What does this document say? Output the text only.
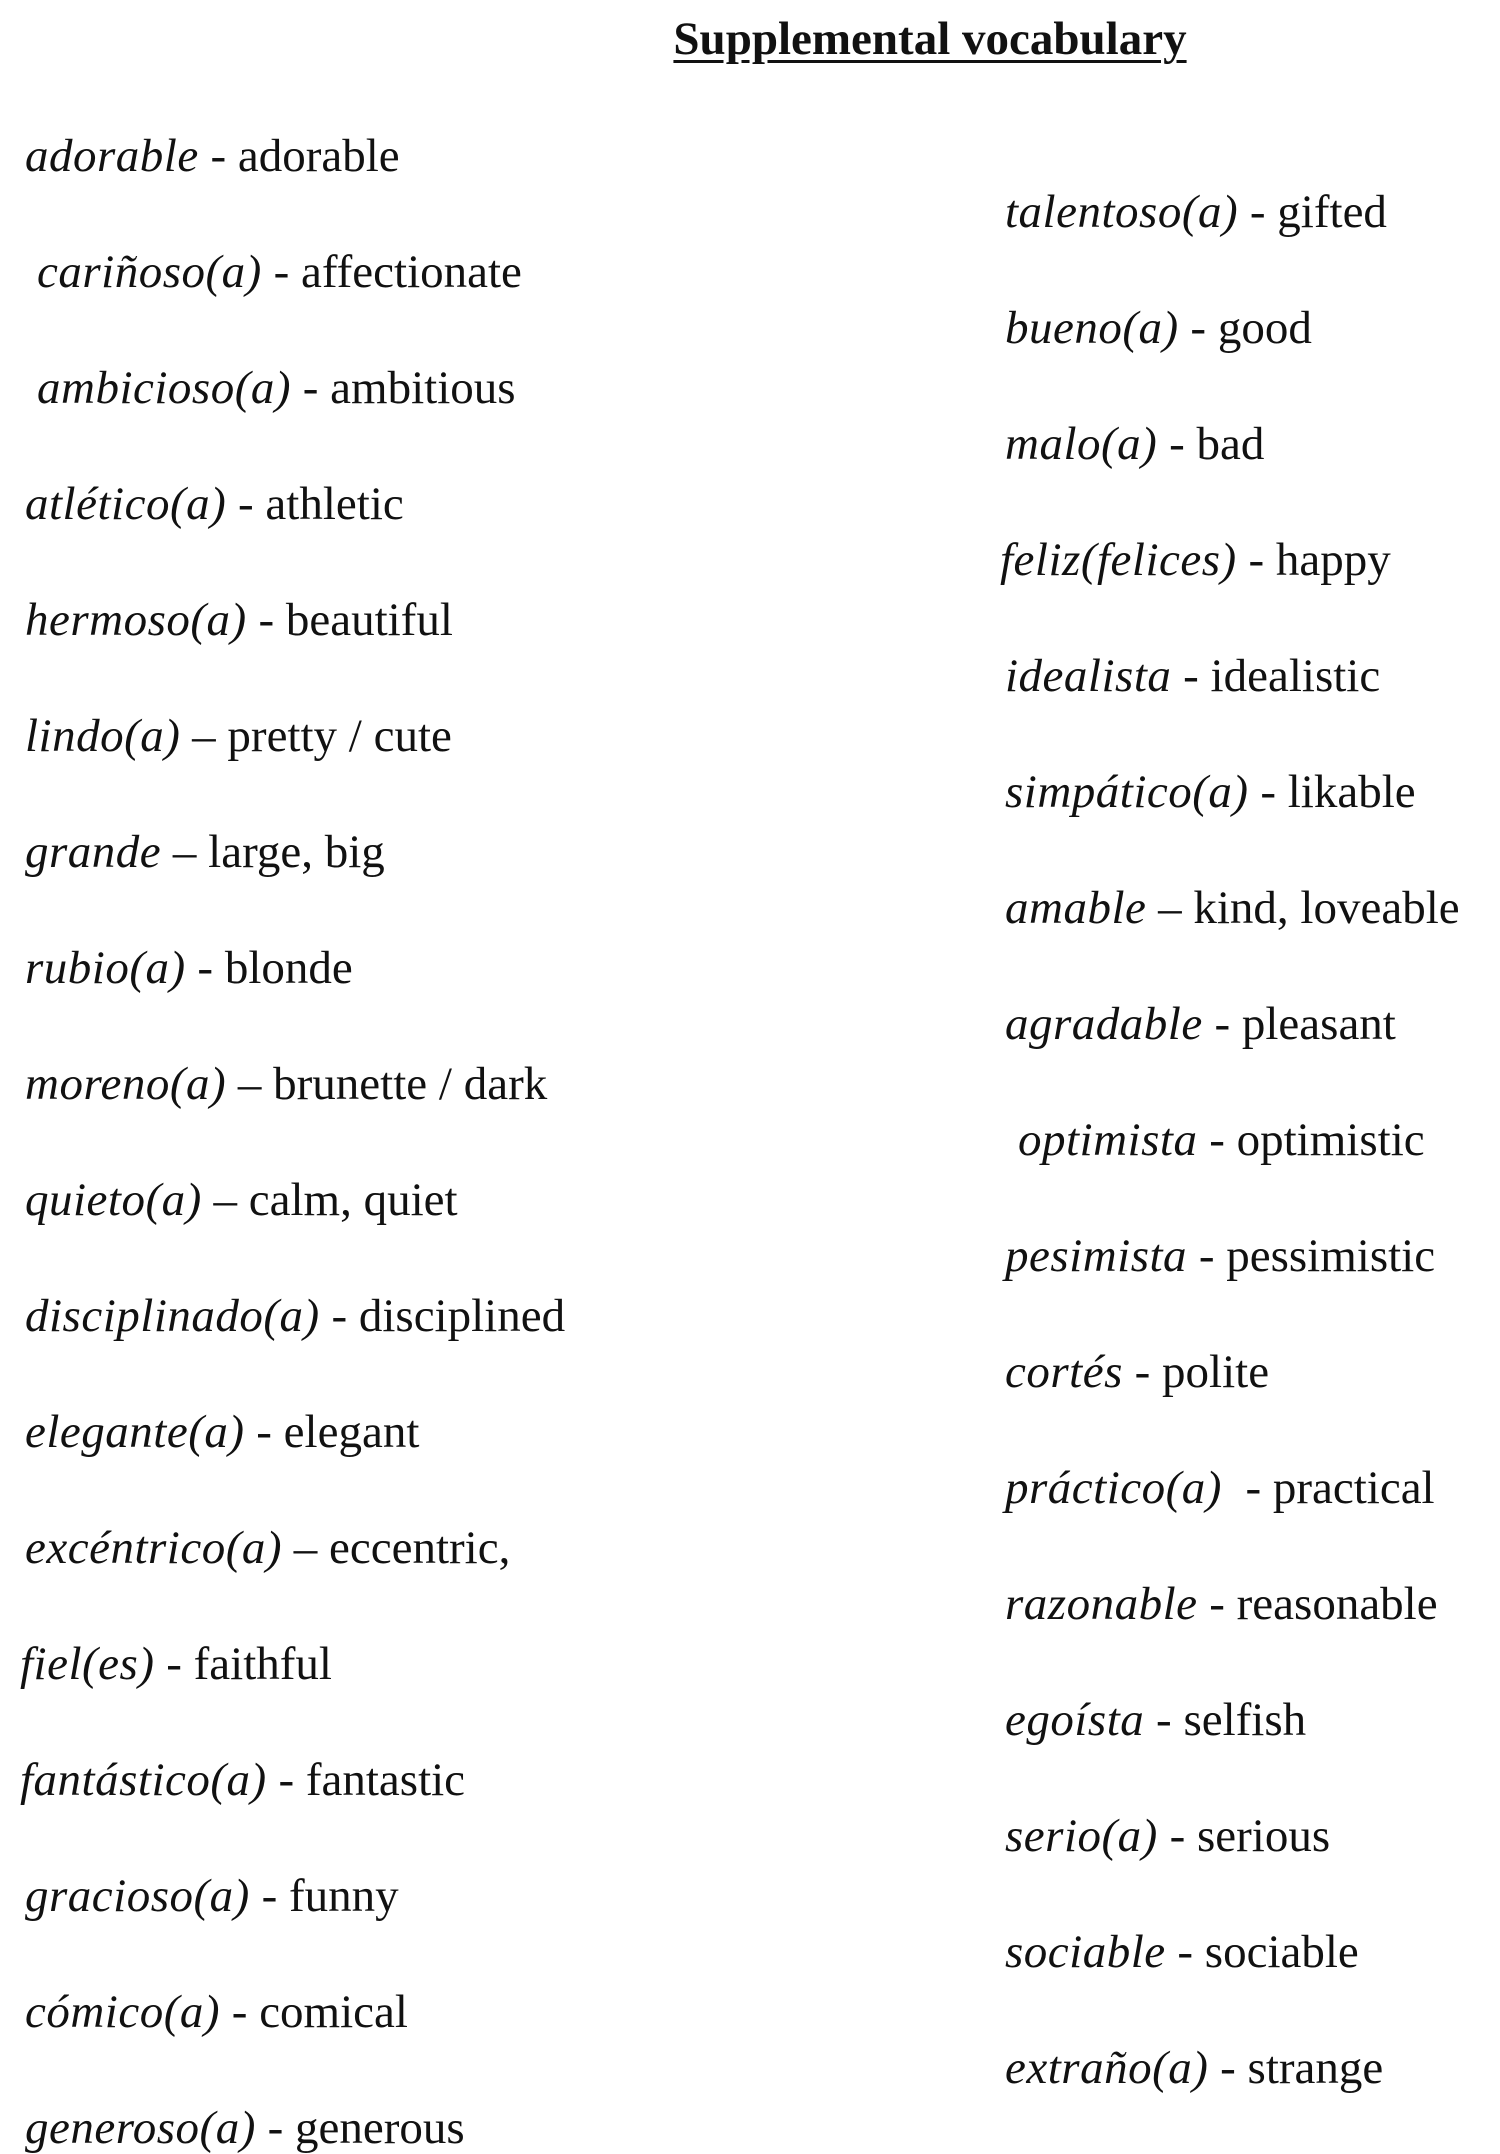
Supplemental vocabulary
adorable - adorable
cariñoso(a) - affectionate
ambicioso(a) - ambitious
atlético(a) - athletic
hermoso(a) - beautiful
lindo(a) – pretty / cute
grande – large, big
rubio(a) - blonde
moreno(a) – brunette / dark
quieto(a) – calm, quiet
disciplinado(a) - disciplined
elegante(a) - elegant
excéntrico(a) – eccentric,
fiel(es) - faithful
fantástico(a) - fantastic
gracioso(a) - funny
cómico(a) - comical
generoso(a) - generous
talentoso(a) - gifted
bueno(a) - good
malo(a) - bad
feliz(felices) - happy
idealista - idealistic
simpático(a) - likable
amable – kind, loveable
agradable - pleasant
optimista - optimistic
pesimista - pessimistic
cortés - polite
práctico(a) - practical
razonable - reasonable
egoísta - selfish
serio(a) - serious
sociable - sociable
extraño(a) - strange
